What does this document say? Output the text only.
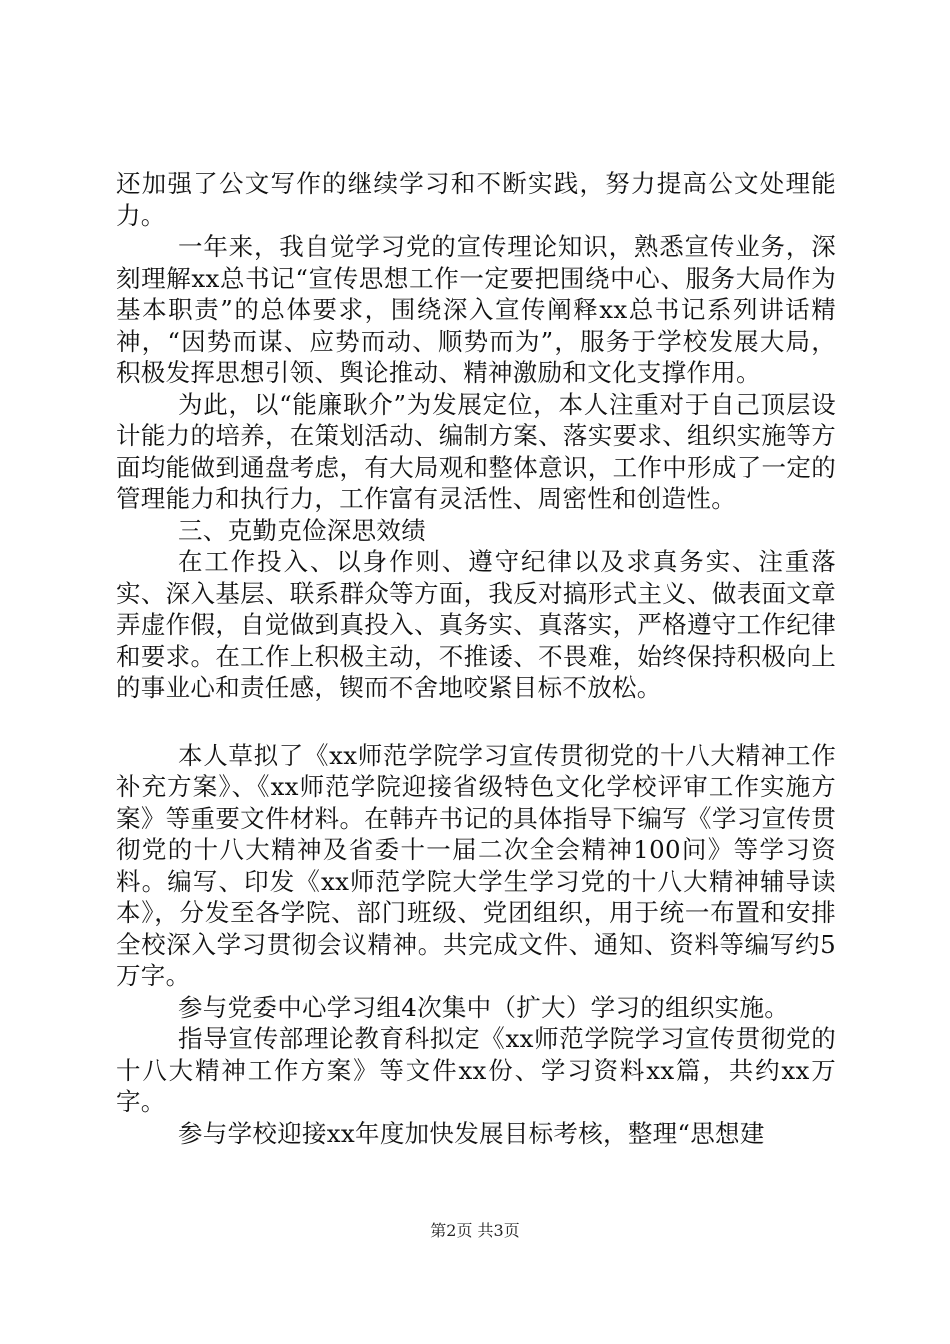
还加强了公文写作的继续学习和不断实践，努力提高公文处理能力。

一年来，我自觉学习党的宣传理论知识，熟悉宣传业务，深刻理解xx总书记“宣传思想工作一定要把围绕中心、服务大局作为基本职责”的总体要求，围绕深入宣传阐释xx总书记系列讲话精神，“因势而谋、应势而动、顺势而为”，服务于学校发展大局，积极发挥思想引领、舆论推动、精神激励和文化支撑作用。

为此，以“能廉耿介”为发展定位，本人注重对于自己顶层设计能力的培养，在策划活动、编制方案、落实要求、组织实施等方面均能做到通盘考虑，有大局观和整体意识，工作中形成了一定的管理能力和执行力，工作富有灵活性、周密性和创造性。

三、克勤克俭深思效绩

在工作投入、以身作则、遵守纪律以及求真务实、注重落实、深入基层、联系群众等方面，我反对搞形式主义、做表面文章弄虚作假，自觉做到真投入、真务实、真落实，严格遵守工作纪律和要求。在工作上积极主动，不推诿、不畏难，始终保持积极向上的事业心和责任感，锲而不舍地咬紧目标不放松。

本人草拟了《xx师范学院学习宣传贯彻党的十八大精神工作补充方案》、《xx师范学院迎接省级特色文化学校评审工作实施方案》等重要文件材料。在韩卉书记的具体指导下编写《学习宣传贯彻党的十八大精神及省委十一届二次全会精神100问》等学习资料。编写、印发《xx师范学院大学生学习党的十八大精神辅导读本》，分发至各学院、部门班级、党团组织，用于统一布置和安排全校深入学习贯彻会议精神。共完成文件、通知、资料等编写约5万字。

参与党委中心学习组4次集中（扩大）学习的组织实施。

指导宣传部理论教育科拟定《xx师范学院学习宣传贯彻党的十八大精神工作方案》等文件xx份、学习资料xx篇，共约xx万字。

参与学校迎接xx年度加快发展目标考核，整理“思想建

第2页 共3页
